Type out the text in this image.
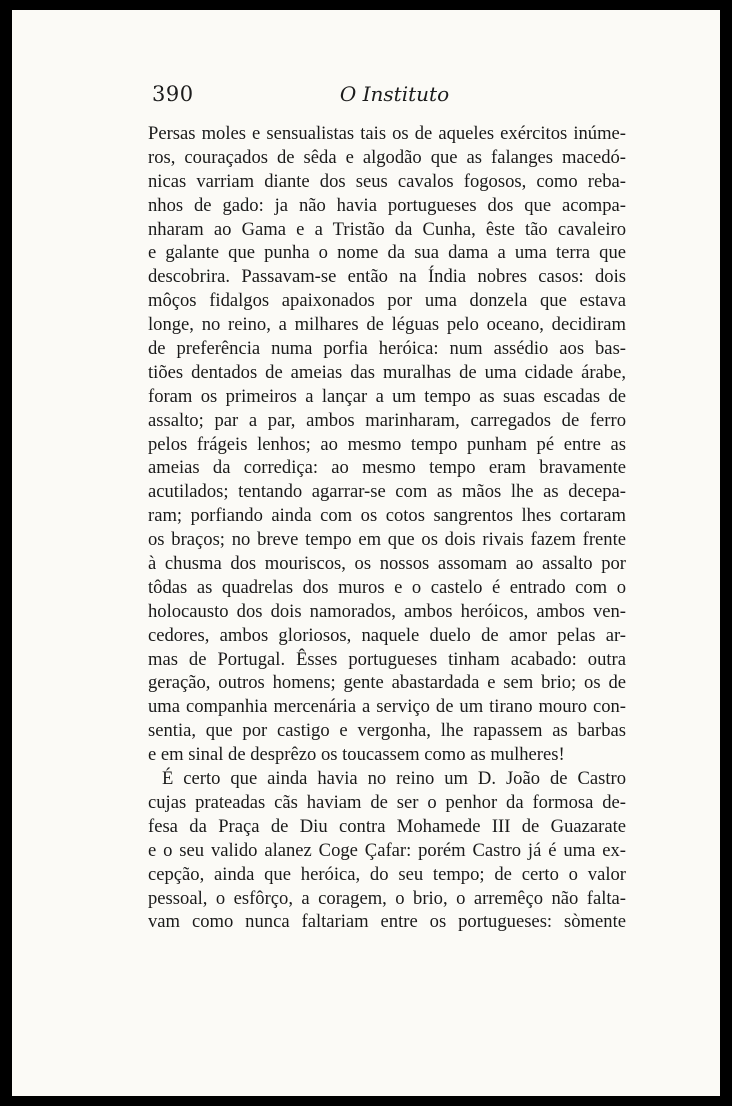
390	O Instituto
Persas moles e sensualistas tais os de aqueles exércitos inúme-
ros, couraçados de sêda e algodão que as falanges macedó-
nicas varriam diante dos seus cavalos fogosos, como reba-
nhos de gado: ja não havia portugueses dos que acompa-
nharam ao Gama e a Tristão da Cunha, êste tão cavaleiro
e galante que punha o nome da sua dama a uma terra que
descobrira. Passavam-se então na Índia nobres casos: dois
môços fidalgos apaixonados por uma donzela que estava
longe, no reino, a milhares de léguas pelo oceano, decidiram
de preferência numa porfia heróica: num assédio aos bas-
tiões dentados de ameias das muralhas de uma cidade árabe,
foram os primeiros a lançar a um tempo as suas escadas de
assalto; par a par, ambos marinharam, carregados de ferro
pelos frágeis lenhos; ao mesmo tempo punham pé entre as
ameias da corrediça: ao mesmo tempo eram bravamente
acutilados; tentando agarrar-se com as mãos lhe as decepa-
ram; porfiando ainda com os cotos sangrentos lhes cortaram
os braços; no breve tempo em que os dois rivais fazem frente
à chusma dos mouriscos, os nossos assomam ao assalto por
tôdas as quadrelas dos muros e o castelo é entrado com o
holocausto dos dois namorados, ambos heróicos, ambos ven-
cedores, ambos gloriosos, naquele duelo de amor pelas ar-
mas de Portugal. Êsses portugueses tinham acabado: outra
geração, outros homens; gente abastardada e sem brio; os de
uma companhia mercenária a serviço de um tirano mouro con-
sentia, que por castigo e vergonha, lhe rapassem as barbas
e em sinal de desprêzo os toucassem como as mulheres!
É certo que ainda havia no reino um D. João de Castro
cujas prateadas cãs haviam de ser o penhor da formosa de-
fesa da Praça de Diu contra Mohamede III de Guazarate
e o seu valido alanez Coge Çafar: porém Castro já é uma ex-
cepção, ainda que heróica, do seu tempo; de certo o valor
pessoal, o esfôrço, a coragem, o brio, o arremêço não falta-
vam como nunca faltariam entre os portugueses: sòmente
